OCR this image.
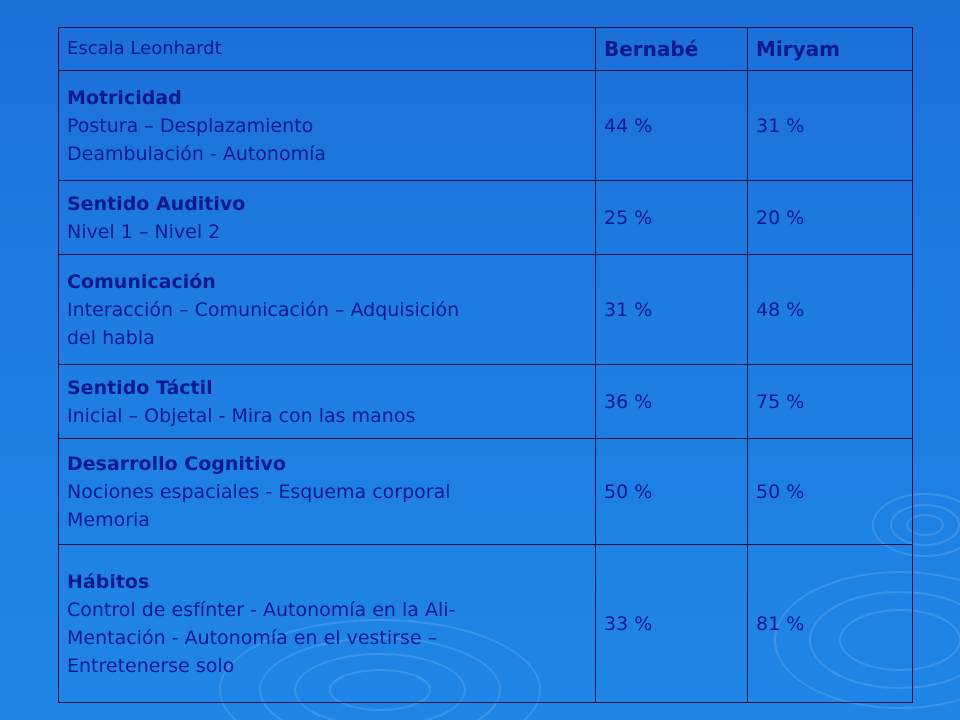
Escala Leonhardt	Bernabé	Miryam

Motricidad
Postura – Desplazamiento
Deambulación - Autonomía	44 %	31 %

Sentido Auditivo
Nivel 1 – Nivel 2	25 %	20 %

Comunicación
Interacción – Comunicación – Adquisición
del habla	31 %	48 %

Sentido Táctil
Inicial – Objetal - Mira con las manos	36 %	75 %

Desarrollo Cognitivo
Nociones espaciales - Esquema corporal
Memoria	50 %	50 %

Hábitos
Control de esfínter - Autonomía en la Ali-
Mentación - Autonomía en el vestirse –
Entretenerse solo	33 %	81 %
